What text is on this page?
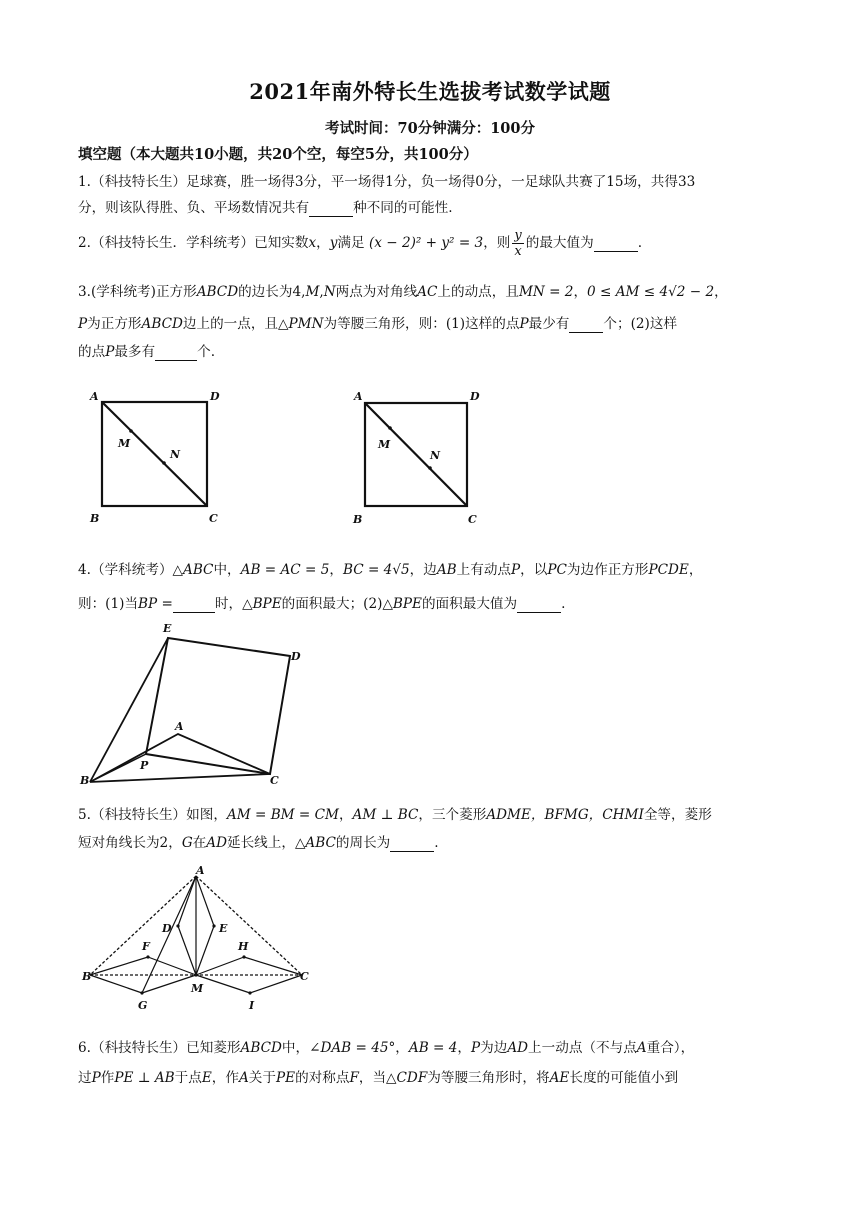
2021年南外特长生选拔考试数学试题
考试时间：70分钟满分：100分
填空题（本大题共10小题，共20个空，每空5分，共100分）
1.（科技特长生）足球赛，胜一场得3分，平一场得1分，负一场得0分，一足球队共赛了15场，共得33
分，则该队得胜、负、平场数情况共有	种不同的可能性.
2.（科技特长生．学科统考）已知实数x，y满足 (x − 2)² + y² = 3，则 $\frac{y}{x}$ 的最大值为	.
3.(学科统考)正方形ABCD的边长为4,M,N两点为对角线AC上的动点，且MN = 2，0 ≤ AM ≤ 4√2 − 2，
P为正方形ABCD边上的一点，且△PMN为等腰三角形，则：(1)这样的点P最少有	个；(2)这样
的点P最多有	个.
A	D
B	C
M
N
A	D
B	C
M
N
4.（学科统考）△ABC中，AB = AC = 5，BC = 4√5，边AB上有动点P，以PC为边作正方形PCDE，
则：(1)当BP =	时，△BPE的面积最大；(2)△BPE的面积最大值为	.
E
D
A
P
B	C
5.（科技特长生）如图，AM = BM = CM，AM ⊥ BC，三个菱形ADME，BFMG，CHMI全等，菱形
短对角线长为2，G在AD延长线上，△ABC的周长为	.
A
D	E
F	H
B	C
M
G	I
6.（科技特长生）已知菱形ABCD中，∠DAB = 45°，AB = 4，P为边AD上一动点（不与点A重合），
过P作PE ⊥ AB于点E，作A关于PE的对称点F，当△CDF为等腰三角形时，将AE长度的可能值小到
